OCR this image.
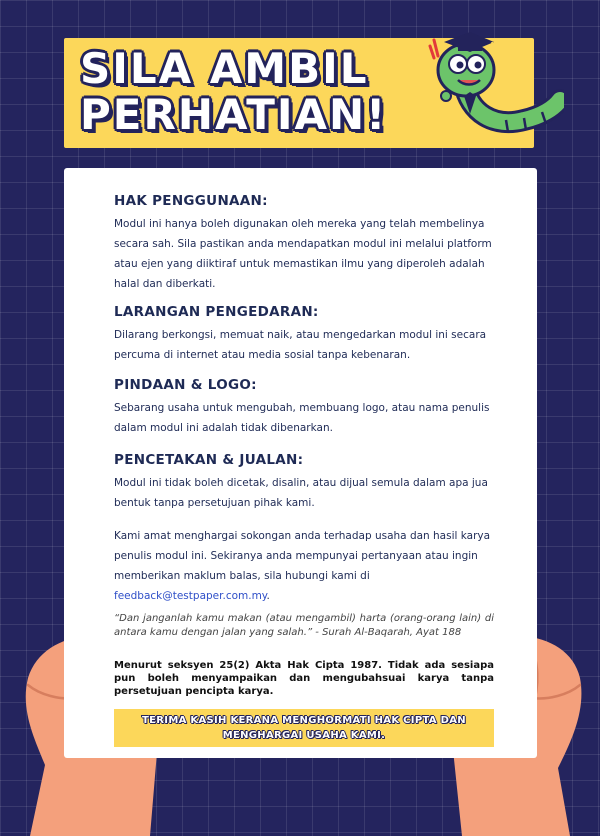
SILA AMBIL
PERHATIAN!
HAK PENGGUNAAN:

Modul ini hanya boleh digunakan oleh mereka yang telah membelinya secara sah. Sila pastikan anda mendapatkan modul ini melalui platform atau ejen yang diiktiraf untuk memastikan ilmu yang diperoleh adalah halal dan diberkati.

LARANGAN PENGEDARAN:

Dilarang berkongsi, memuat naik, atau mengedarkan modul ini secara percuma di internet atau media sosial tanpa kebenaran.

PINDAAN & LOGO:

Sebarang usaha untuk mengubah, membuang logo, atau nama penulis dalam modul ini adalah tidak dibenarkan.

PENCETAKAN & JUALAN:

Modul ini tidak boleh dicetak, disalin, atau dijual semula dalam apa jua bentuk tanpa persetujuan pihak kami.

Kami amat menghargai sokongan anda terhadap usaha dan hasil karya penulis modul ini. Sekiranya anda mempunyai pertanyaan atau ingin memberikan maklum balas, sila hubungi kami di feedback@testpaper.com.my.

“Dan janganlah kamu makan (atau mengambil) harta (orang-orang lain) di antara kamu dengan jalan yang salah.” - Surah Al-Baqarah, Ayat 188

Menurut seksyen 25(2) Akta Hak Cipta 1987. Tidak ada sesiapa pun boleh menyampaikan dan mengubahsuai karya tanpa persetujuan pencipta karya.

TERIMA KASIH KERANA MENGHORMATI HAK CIPTA DAN MENGHARGAI USAHA KAMI.
